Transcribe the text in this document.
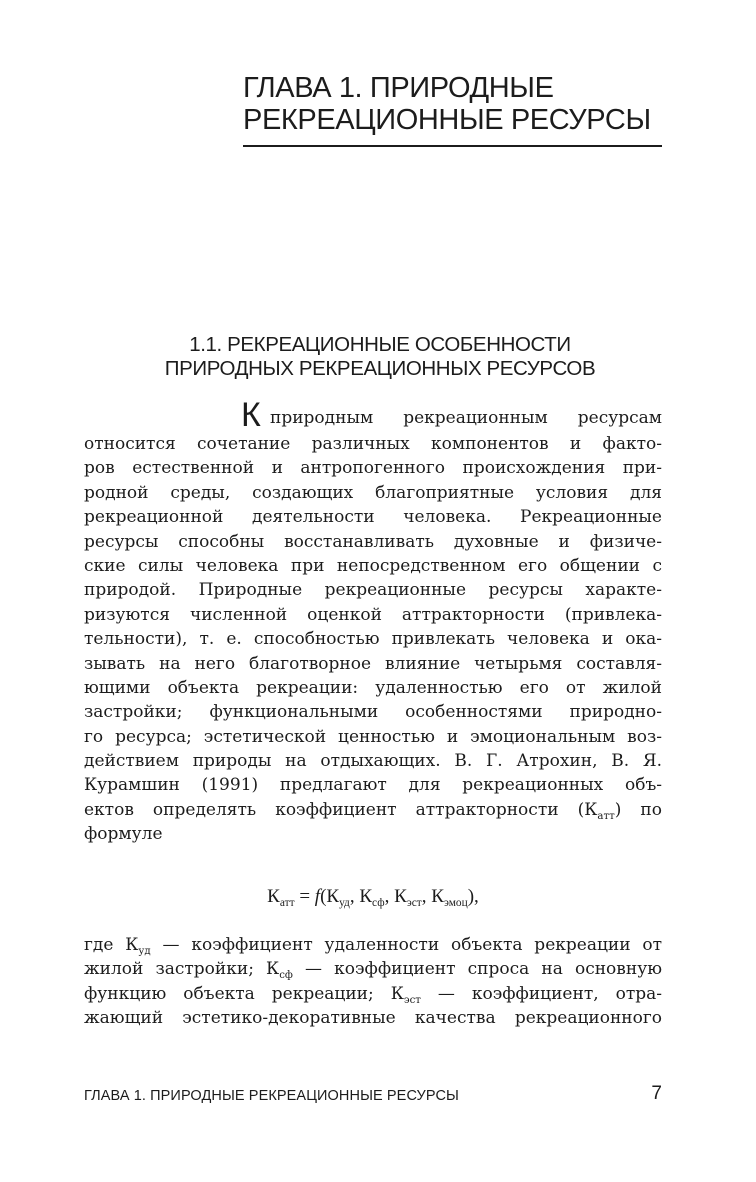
ГЛАВА 1. ПРИРОДНЫЕ
РЕКРЕАЦИОННЫЕ РЕСУРСЫ
1.1. РЕКРЕАЦИОННЫЕ ОСОБЕННОСТИ
ПРИРОДНЫХ РЕКРЕАЦИОННЫХ РЕСУРСОВ
К природным рекреационным ресурсам
относится сочетание различных компонентов и факто-
ров естественной и антропогенного происхождения при-
родной среды, создающих благоприятные условия для
рекреационной деятельности человека. Рекреационные
ресурсы способны восстанавливать духовные и физиче-
ские силы человека при непосредственном его общении с
природой. Природные рекреационные ресурсы характе-
ризуются численной оценкой аттракторности (привлека-
тельности), т. е. способностью привлекать человека и ока-
зывать на него благотворное влияние четырьмя составля-
ющими объекта рекреации: удаленностью его от жилой
застройки; функциональными особенностями природно-
го ресурса; эстетической ценностью и эмоциональным воз-
действием природы на отдыхающих. В. Г. Атрохин, В. Я.
Курамшин (1991) предлагают для рекреационных объ-
ектов определять коэффициент аттрактoрности $(К_{атт})$ по
формуле
$К_{атт} = f(К_{уд}$, $К_{сф}$, $К_{эст}$, $К_{эмоц}$),
где $К_{уд}$ — коэффициент удаленности объекта рекреации от
жилой застройки; $К_{сф}$ — коэффициент спроса на основную
функцию объекта рекреации; $К_{эст}$ — коэффициент, отра-
жающий эстетико-декоративные качества рекреационного
ГЛАВА 1. ПРИРОДНЫЕ РЕКРЕАЦИОННЫЕ РЕСУРСЫ	7
